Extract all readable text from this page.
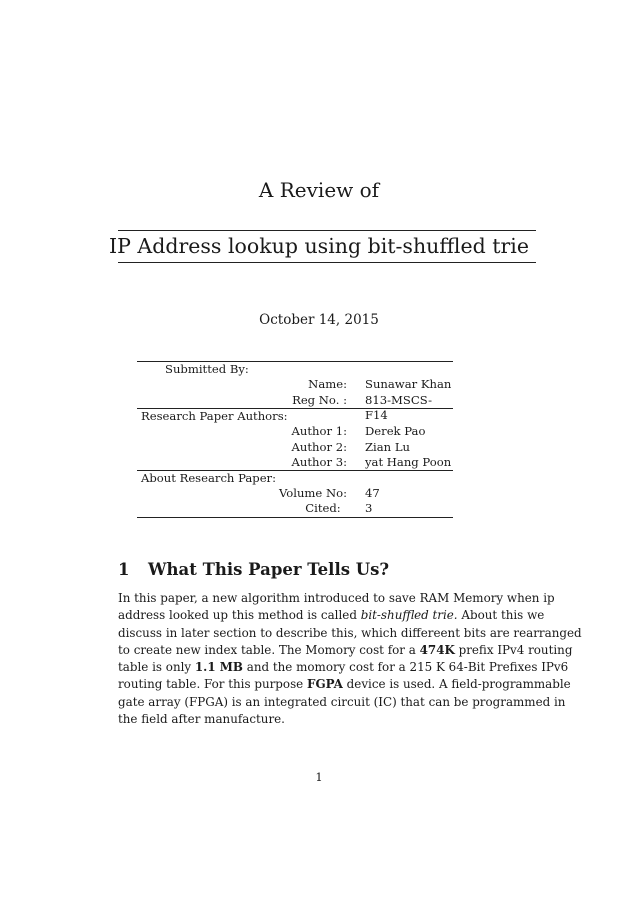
A Review of
IP Address lookup using bit-shuffled trie
October 14, 2015
Submitted By:
Name: Sunawar Khan
Reg No. : 813-MSCS-F14
Research Paper Authors:
Author 1: Derek Pao
Author 2: Zian Lu
Author 3: yat Hang Poon
About Research Paper:
Volume No: 47
Cited:	3
1 What This Paper Tells Us?
In this paper, a new algorithm introduced to save RAM Memory when ip
address looked up this method is called bit-shuffled trie. About this we
discuss in later section to describe this, which differeent bits are rearranged
to create new index table. The Momory cost for a 474K prefix IPv4 routing
table is only 1.1 MB and the momory cost for a 215 K 64-Bit Prefixes IPv6
routing table. For this purpose FGPA device is used. A field-programmable
gate array (FPGA) is an integrated circuit (IC) that can be programmed in
the field after manufacture.
1
